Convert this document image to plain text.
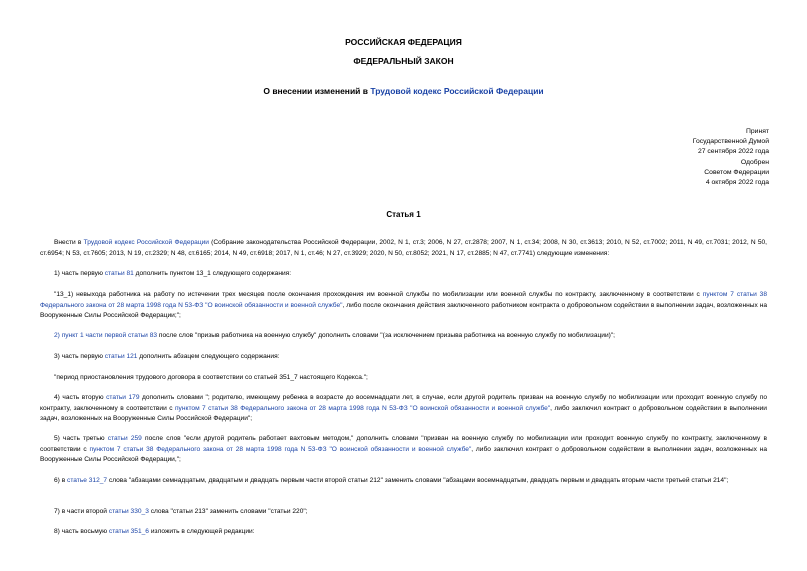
РОССИЙСКАЯ ФЕДЕРАЦИЯ
ФЕДЕРАЛЬНЫЙ ЗАКОН
О внесении изменений в Трудовой кодекс Российской Федерации
Принят
Государственной Думой
27 сентября 2022 года
Одобрен
Советом Федерации
4 октября 2022 года
Статья 1
Внести в Трудовой кодекс Российской Федерации (Собрание законодательства Российской Федерации, 2002, N 1, ст.3; 2006, N 27, ст.2878; 2007, N 1, ст.34; 2008, N 30, ст.3613; 2010, N 52, ст.7002; 2011, N 49, ст.7031; 2012, N 50, ст.6954; N 53, ст.7605; 2013, N 19, ст.2329; N 48, ст.6165; 2014, N 49, ст.6918; 2017, N 1, ст.46; N 27, ст.3929; 2020, N 50, ст.8052; 2021, N 17, ст.2885; N 47, ст.7741) следующие изменения:
1) часть первую статьи 81 дополнить пунктом 13_1 следующего содержания:
"13_1) невыхода работника на работу по истечении трех месяцев после окончания прохождения им военной службы по мобилизации или военной службы по контракту, заключенному в соответствии с пунктом 7 статьи 38 Федерального закона от 28 марта 1998 года N 53-ФЗ "О воинской обязанности и военной службе", либо после окончания действия заключенного работником контракта о добровольном содействии в выполнении задач, возложенных на Вооруженные Силы Российской Федерации;";
2) пункт 1 части первой статьи 83 после слов "призыв работника на военную службу" дополнить словами "(за исключением призыва работника на военную службу по мобилизации)";
3) часть первую статьи 121 дополнить абзацем следующего содержания:
"период приостановления трудового договора в соответствии со статьей 351_7 настоящего Кодекса.";
4) часть вторую статьи 179 дополнить словами "; родителю, имеющему ребенка в возрасте до восемнадцати лет, в случае, если другой родитель призван на военную службу по мобилизации или проходит военную службу по контракту, заключенному в соответствии с пунктом 7 статьи 38 Федерального закона от 28 марта 1998 года N 53-ФЗ "О воинской обязанности и военной службе", либо заключил контракт о добровольном содействии в выполнении задач, возложенных на Вооруженные Силы Российской Федерации";
5) часть третью статьи 259 после слов "если другой родитель работает вахтовым методом," дополнить словами "призван на военную службу по мобилизации или проходит военную службу по контракту, заключенному в соответствии с пунктом 7 статьи 38 Федерального закона от 28 марта 1998 года N 53-ФЗ "О воинской обязанности и военной службе", либо заключил контракт о добровольном содействии в выполнении задач, возложенных на Вооруженные Силы Российской Федерации,";
6) в статье 312_7 слова "абзацами семнадцатым, двадцатым и двадцать первым части второй статьи 212" заменить словами "абзацами восемнадцатым, двадцать первым и двадцать вторым части третьей статьи 214";
7) в части второй статьи 330_3 слова "статьи 213" заменить словами "статьи 220";
8) часть восьмую статьи 351_6 изложить в следующей редакции:
